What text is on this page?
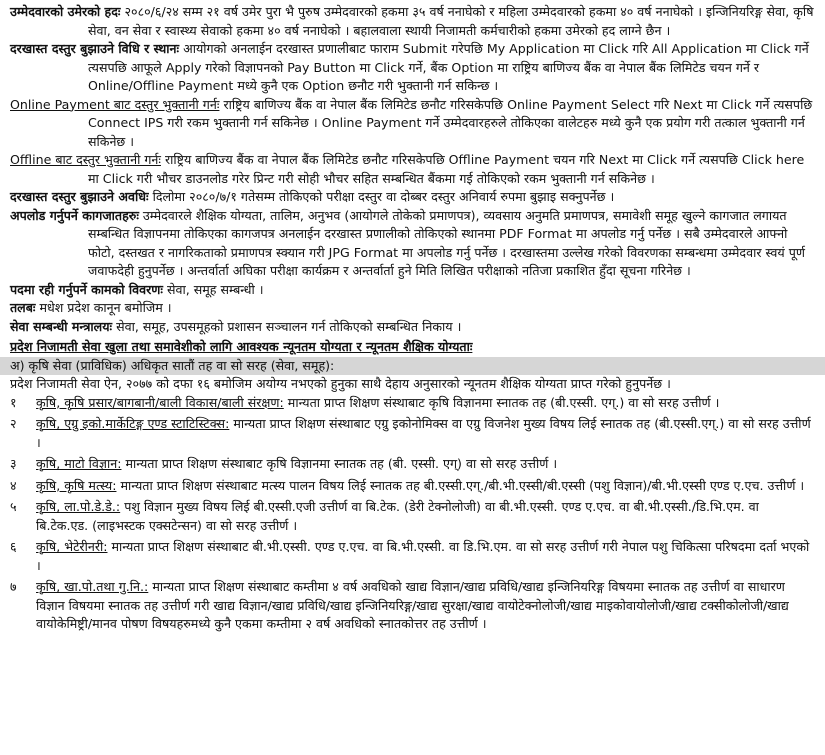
उम्मेदवारको उमेरको हदः २०८०/६/२४ सम्म २१ वर्ष उमेर पुरा भै पुरुष उम्मेदवारको हकमा ३५ वर्ष ननाघेको र महिला उम्मेदवारको हकमा ४० वर्ष ननाघेको । इन्जिनियरिङ्ग सेवा, कृषि सेवा, वन सेवा र स्वास्थ्य सेवाको हकमा ४० वर्ष ननाघेको । बहालवाला स्थायी निजामती कर्मचारीको हकमा उमेरको हद लाग्ने छैन ।

दरखास्त दस्तुर बुझाउने विधि र स्थानः आयोगको अनलाईन दरखास्त प्रणालीबाट फाराम Submit गरेपछि My Application मा Click गरि All Application मा Click गर्ने त्यसपछि आफूले Apply गरेको विज्ञापनको Pay Button मा Click गर्ने, बैंक Option मा राष्ट्रिय बाणिज्य बैंक वा नेपाल बैंक लिमिटेड चयन गर्ने र Online/Offline Payment मध्ये कुनै एक Option छनौट गरी भुक्तानी गर्न सकिन्छ ।

Online Payment बाट दस्तुर भुक्तानी गर्नः राष्ट्रिय बाणिज्य बैंक वा नेपाल बैंक लिमिटेड छनौट गरिसकेपछि Online Payment Select गरि Next मा Click गर्ने त्यसपछि Connect IPS गरी रकम भुक्तानी गर्न सकिनेछ । Online Payment गर्ने उम्मेदवारहरुले तोकिएका वालेटहरु मध्ये कुनै एक प्रयोग गरी तत्काल भुक्तानी गर्न सकिनेछ ।

Offline बाट दस्तुर भुक्तानी गर्नः राष्ट्रिय बाणिज्य बैंक वा नेपाल बैंक लिमिटेड छनौट गरिसकेपछि Offline Payment चयन गरि Next मा Click गर्ने त्यसपछि Click here मा Click गरी भौचर डाउनलोड गरेर प्रिन्ट गरी सोही भौचर सहित सम्बन्धित बैंकमा गई तोकिएको रकम भुक्तानी गर्न सकिनेछ ।

दरखास्त दस्तुर बुझाउने अवधिः दिलोमा २०८०/७/१ गतेसम्म तोकिएको परीक्षा दस्तुर वा दोब्बर दस्तुर अनिवार्य रुपमा बुझाइ सक्नुपर्नेछ ।

अपलोड गर्नुपर्ने कागजातहरुः उम्मेदवारले शैक्षिक योग्यता, तालिम, अनुभव (आयोगले तोकेको प्रमाणपत्र), व्यवसाय अनुमति प्रमाणपत्र, समावेशी समूह खुल्ने कागजात लगायत सम्बन्धित विज्ञापनमा तोकिएका कागजपत्र अनलाईन दरखास्त प्रणालीको तोकिएको स्थानमा PDF Format मा अपलोड गर्नु पर्नेछ । सबै उम्मेदवारले आफ्नो फोटो, दस्तखत र नागरिकताको प्रमाणपत्र स्क्यान गरी JPG Format मा अपलोड गर्नु पर्नेछ । दरखास्तमा उल्लेख गरेको विवरणका सम्बन्धमा उम्मेदवार स्वयं पूर्ण जवाफदेही हुनुपर्नेछ । अन्तर्वार्ता अघिका परीक्षा कार्यक्रम र अन्तर्वार्ता हुने मिति लिखित परीक्षाको नतिजा प्रकाशित हुँदा सूचना गरिनेछ ।

पदमा रही गर्नुपर्ने कामको विवरणः सेवा, समूह सम्बन्धी ।

तलबः मधेश प्रदेश कानून बमोजिम ।

सेवा सम्बन्धी मन्त्रालयः सेवा, समूह, उपसमूहको प्रशासन सञ्चालन गर्न तोकिएको सम्बन्धित निकाय ।

प्रदेश निजामती सेवा खुला तथा समावेशीको लागि आवश्यक न्यूनतम योग्यता र न्यूनतम शैक्षिक योग्यताः

अ) कृषि सेवा (प्राविधिक) अधिकृत सातौं तह वा सो सरह (सेवा, समूह):

प्रदेश निजामती सेवा ऐन, २०७७ को दफा १६ बमोजिम अयोग्य नभएको हुनुका साथै देहाय अनुसारको न्यूनतम शैक्षिक योग्यता प्राप्त गरेको हुनुपर्नेछ ।

१	कृषि, कृषि प्रसार/बागबानी/बाली विकास/बाली संरक्षण: मान्यता प्राप्त शिक्षण संस्थाबाट कृषि विज्ञानमा स्नातक तह (बी.एस्सी. एग्.) वा सो सरह उत्तीर्ण ।
२	कृषि, एग्रु इको.मार्केटिङ्ग एण्ड स्टाटिस्टिक्स: मान्यता प्राप्त शिक्षण संस्थाबाट एग्रु इकोनोमिक्स वा एग्रु विजनेश मुख्य विषय लिई स्नातक तह (बी.एस्सी.एग्.) वा सो सरह उत्तीर्ण ।
३	कृषि, माटो विज्ञान: मान्यता प्राप्त शिक्षण संस्थाबाट कृषि विज्ञानमा स्नातक तह (बी. एस्सी. एग्) वा सो सरह उत्तीर्ण ।
४	कृषि, कृषि मत्स्य: मान्यता प्राप्त शिक्षण संस्थाबाट मत्स्य पालन विषय लिई स्नातक तह बी.एस्सी.एग्./बी.भी.एस्सी/बी.एस्सी (पशु विज्ञान)/बी.भी.एस्सी एण्ड ए.एच. उत्तीर्ण ।
५	कृषि, ला.पो.डे.डे.: पशु विज्ञान मुख्य विषय लिई बी.एस्सी.एजी उत्तीर्ण वा बि.टेक. (डेरी टेक्नोलोजी) वा बी.भी.एस्सी. एण्ड ए.एच. वा बी.भी.एस्सी./डि.भि.एम. वा बि.टेक.एड. (लाइभस्टक एक्सटेन्सन) वा सो सरह उत्तीर्ण ।
६	कृषि, भेटेरीनरी: मान्यता प्राप्त शिक्षण संस्थाबाट बी.भी.एस्सी. एण्ड ए.एच. वा बि.भी.एस्सी. वा डि.भि.एम. वा सो सरह उत्तीर्ण गरी नेपाल पशु चिकित्सा परिषदमा दर्ता भएको ।
७	कृषि, खा.पो.तथा गु.नि.: मान्यता प्राप्त शिक्षण संस्थाबाट कम्तीमा ४ वर्ष अवधिको खाद्य विज्ञान/खाद्य प्रविधि/खाद्य इन्जिनियरिङ्ग विषयमा स्नातक तह उत्तीर्ण वा साधारण विज्ञान विषयमा स्नातक तह उत्तीर्ण गरी खाद्य विज्ञान/खाद्य प्रविधि/खाद्य इन्जिनियरिङ्ग/खाद्य सुरक्षा/खाद्य वायोटेक्नोलोजी/खाद्य माइकोवायोलोजी/खाद्य टक्सीकोलोजी/खाद्य वायोकेमिष्ट्री/मानव पोषण विषयहरुमध्ये कुनै एकमा कम्तीमा २ वर्ष अवधिको स्नातकोत्तर तह उत्तीर्ण ।
